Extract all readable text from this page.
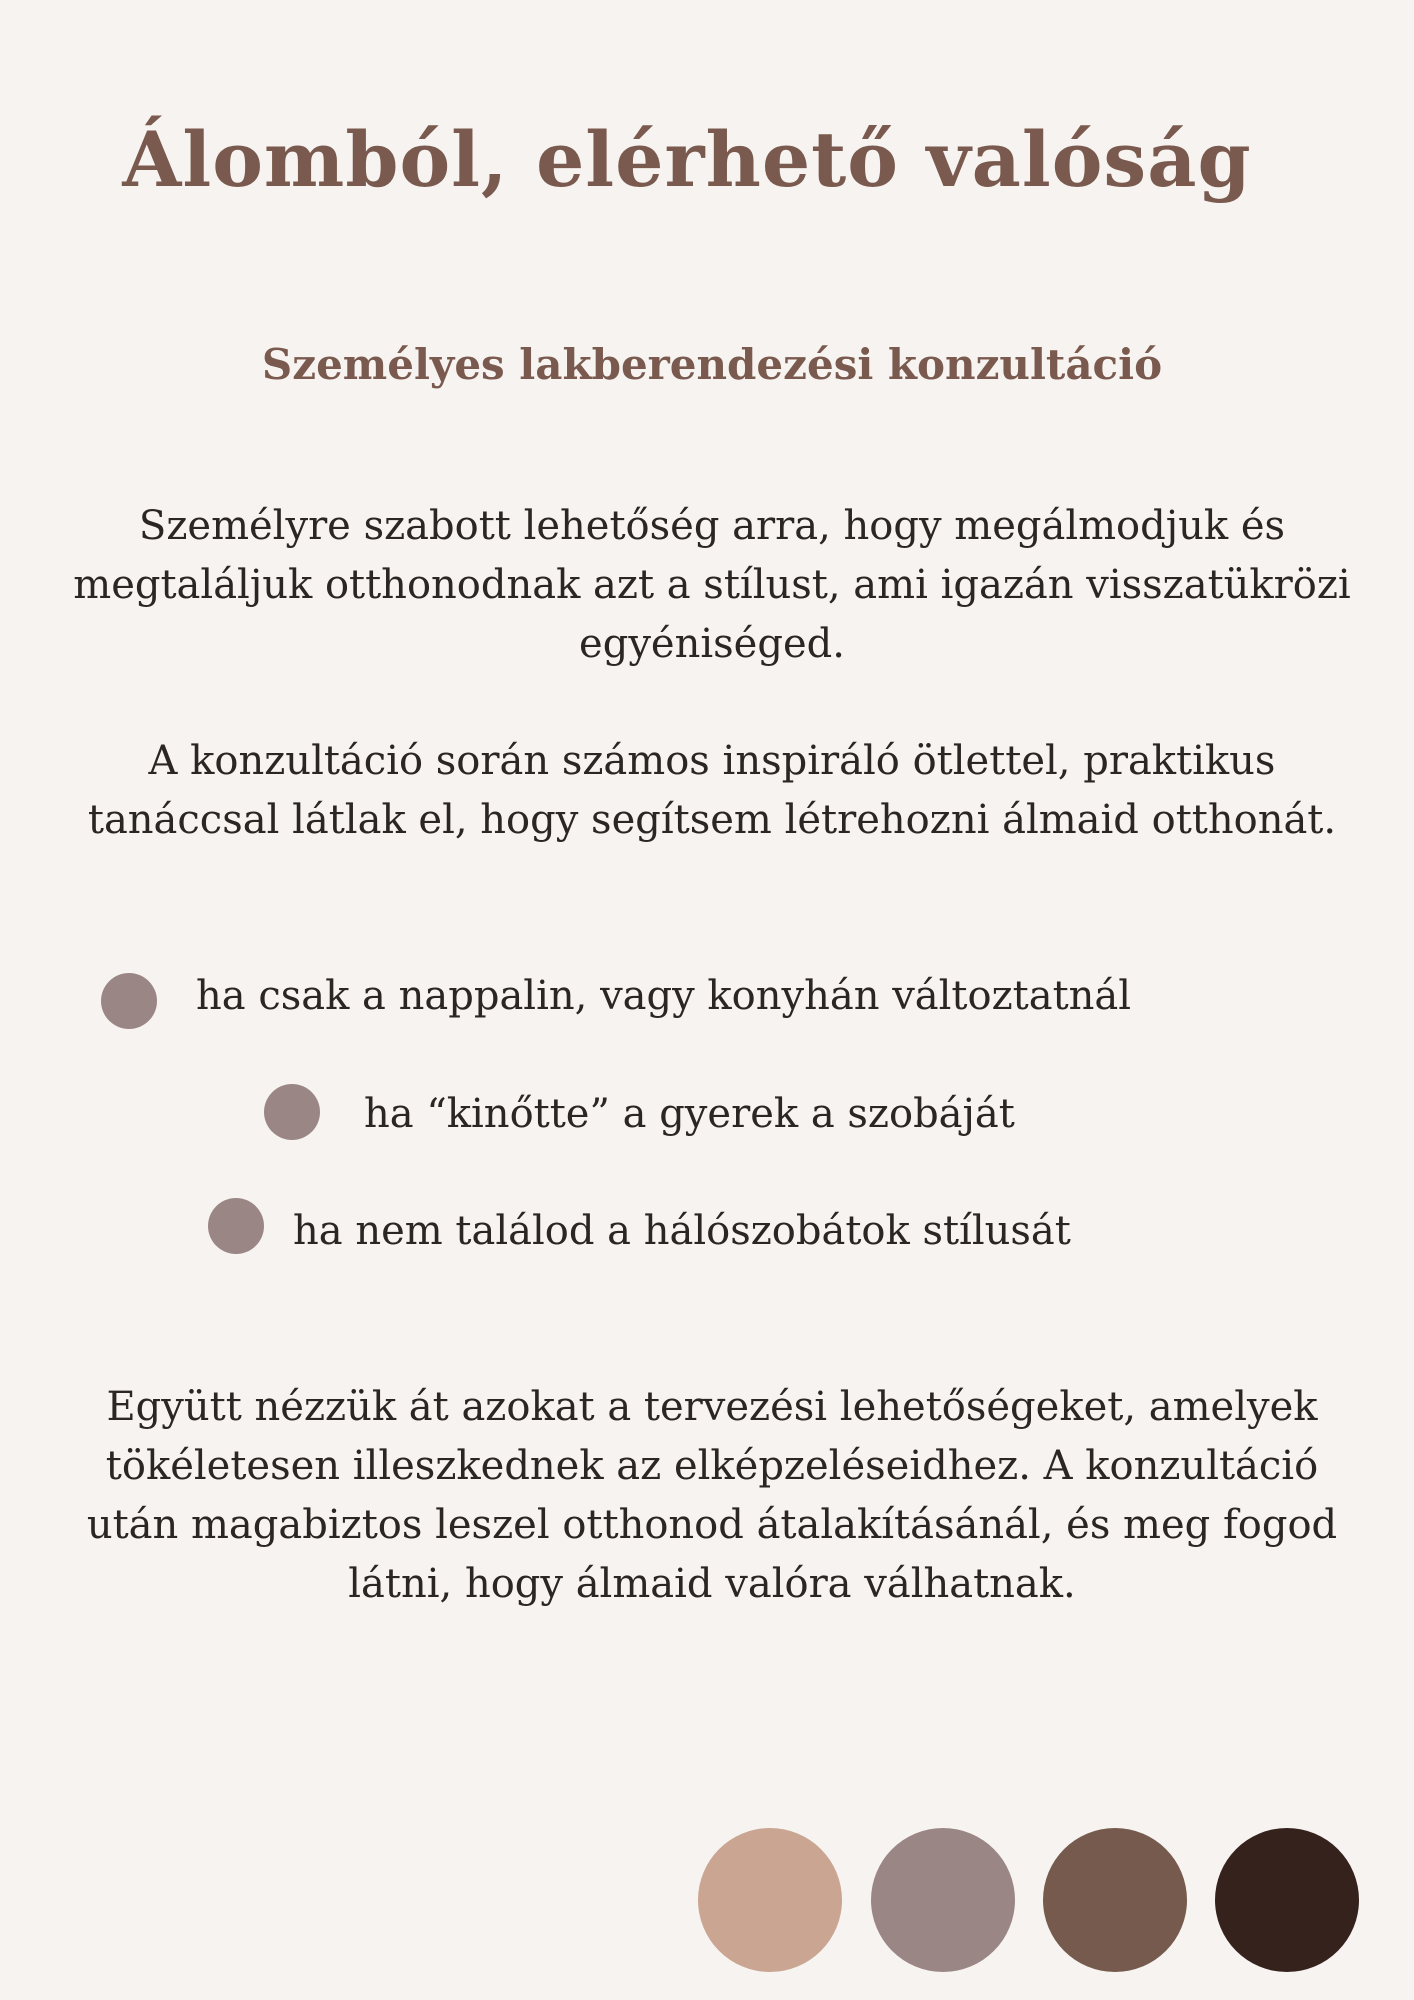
Álomból, elérhető valóság
Személyes lakberendezési konzultáció

Személyre szabott lehetőség arra, hogy megálmodjuk és megtaláljuk otthonodnak azt a stílust, ami igazán visszatükrözi egyéniséged.

A konzultáció során számos inspiráló ötlettel, praktikus tanáccsal látlak el, hogy segítsem létrehozni álmaid otthonát.

ha csak a nappalin, vagy konyhán változtatnál
ha “kinőtte” a gyerek a szobáját
ha nem találod a hálószobátok stílusát

Együtt nézzük át azokat a tervezési lehetőségeket, amelyek tökéletesen illeszkednek az elképzeléseidhez. A konzultáció után magabiztos leszel otthonod átalakításánál, és meg fogod látni, hogy álmaid valóra válhatnak.
